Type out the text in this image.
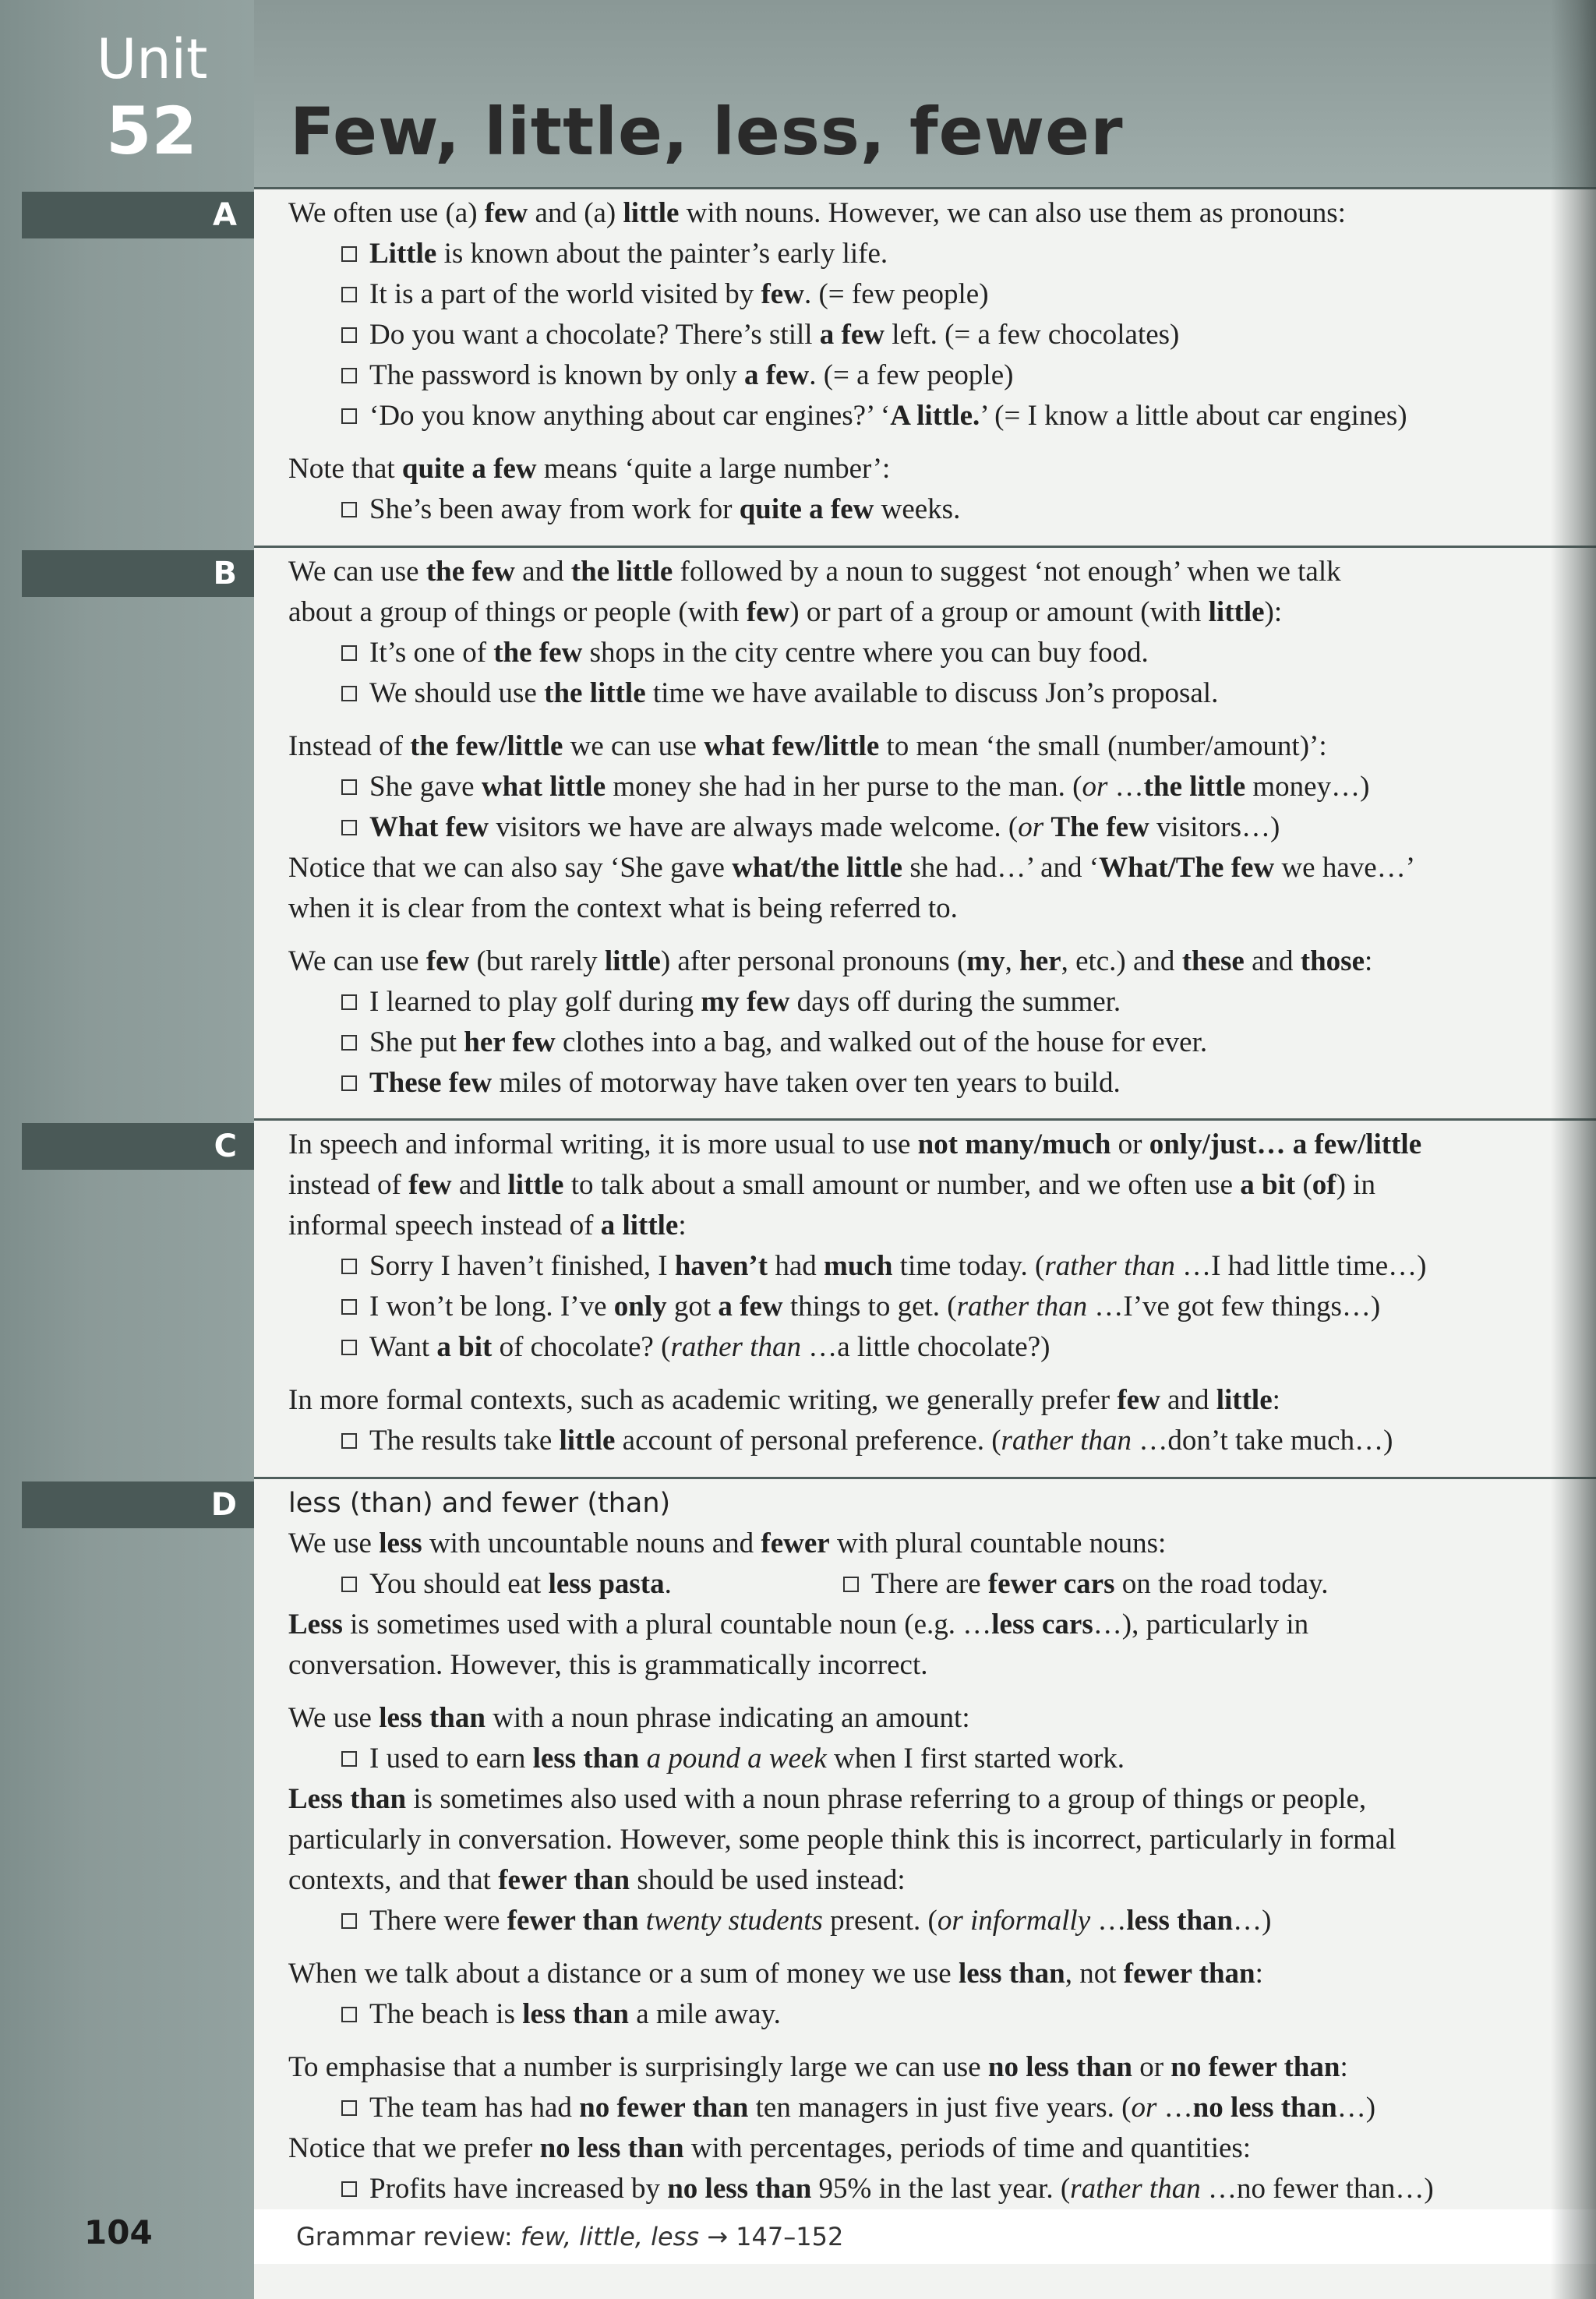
Unit
52 Few, little, less, fewer
A
B
C
D
We often use (a) few and (a) little with nouns. However, we can also use them as pronouns:
Little is known about the painter’s early life.
It is a part of the world visited by few. (= few people)
Do you want a chocolate? There’s still a few left. (= a few chocolates)
The password is known by only a few. (= a few people)
‘Do you know anything about car engines?’ ‘A little.’ (= I know a little about car engines)
Note that quite a few means ‘quite a large number’:
She’s been away from work for quite a few weeks.
We can use the few and the little followed by a noun to suggest ‘not enough’ when we talk
about a group of things or people (with few) or part of a group or amount (with little):
It’s one of the few shops in the city centre where you can buy food.
We should use the little time we have available to discuss Jon’s proposal.
Instead of the few/little we can use what few/little to mean ‘the small (number/amount)’:
She gave what little money she had in her purse to the man. (or …the little money…)
What few visitors we have are always made welcome. (or The few visitors…)
Notice that we can also say ‘She gave what/the little she had…’ and ‘What/The few we have…’
when it is clear from the context what is being referred to.
We can use few (but rarely little) after personal pronouns (my, her, etc.) and these and those:
I learned to play golf during my few days off during the summer.
She put her few clothes into a bag, and walked out of the house for ever.
These few miles of motorway have taken over ten years to build.
In speech and informal writing, it is more usual to use not many/much or only/just… a few/little
instead of few and little to talk about a small amount or number, and we often use a bit (of) in
informal speech instead of a little:
Sorry I haven’t finished, I haven’t had much time today. (rather than …I had little time…)
I won’t be long. I’ve only got a few things to get. (rather than …I’ve got few things…)
Want a bit of chocolate? (rather than …a little chocolate?)
In more formal contexts, such as academic writing, we generally prefer few and little:
The results take little account of personal preference. (rather than …don’t take much…)
less (than) and fewer (than)
We use less with uncountable nouns and fewer with plural countable nouns:
You should eat less pasta.	There are fewer cars on the road today.
Less is sometimes used with a plural countable noun (e.g. …less cars…), particularly in
conversation. However, this is grammatically incorrect.
We use less than with a noun phrase indicating an amount:
I used to earn less than a pound a week when I first started work.
Less than is sometimes also used with a noun phrase referring to a group of things or people,
particularly in conversation. However, some people think this is incorrect, particularly in formal
contexts, and that fewer than should be used instead:
There were fewer than twenty students present. (or informally …less than…)
When we talk about a distance or a sum of money we use less than, not fewer than:
The beach is less than a mile away.
To emphasise that a number is surprisingly large we can use no less than or no fewer than:
The team has had no fewer than ten managers in just five years. (or …no less than…)
Notice that we prefer no less than with percentages, periods of time and quantities:
Profits have increased by no less than 95% in the last year. (rather than …no fewer than…)
104	Grammar review: few, little, less → 147–152
